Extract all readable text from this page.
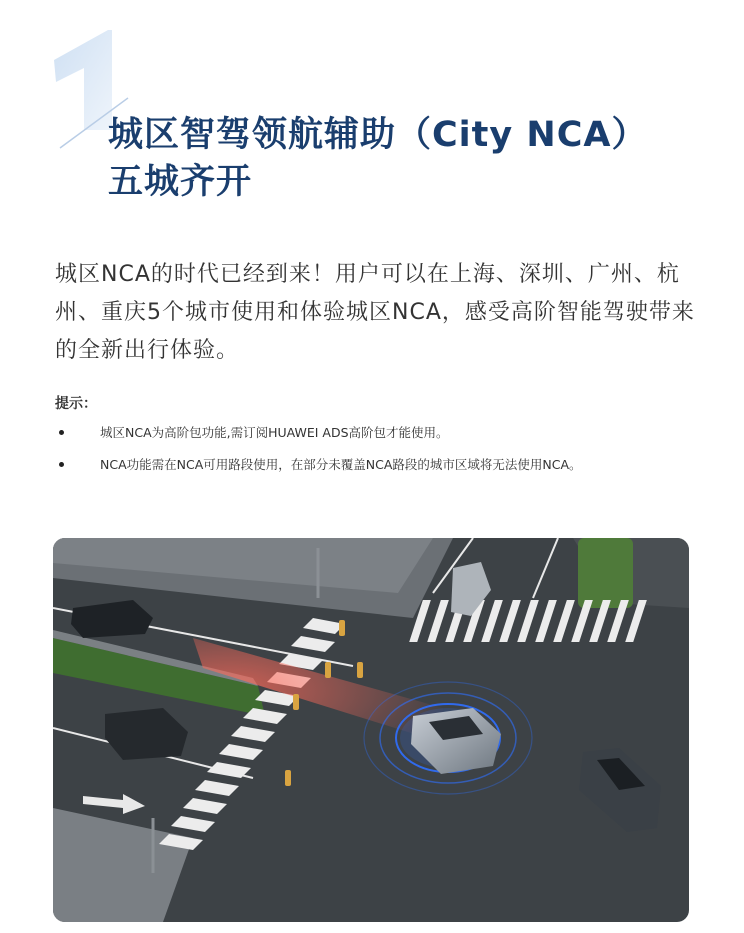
城区智驾领航辅助（City NCA）
五城齐开

城区NCA的时代已经到来！用户可以在上海、深圳、广州、杭州、重庆5个城市使用和体验城区NCA，感受高阶智能驾驶带来的全新出行体验。

提示：
城区NCA为高阶包功能,需订阅HUAWEI ADS高阶包才能使用。
NCA功能需在NCA可用路段使用，在部分未覆盖NCA路段的城市区域将无法使用NCA。
